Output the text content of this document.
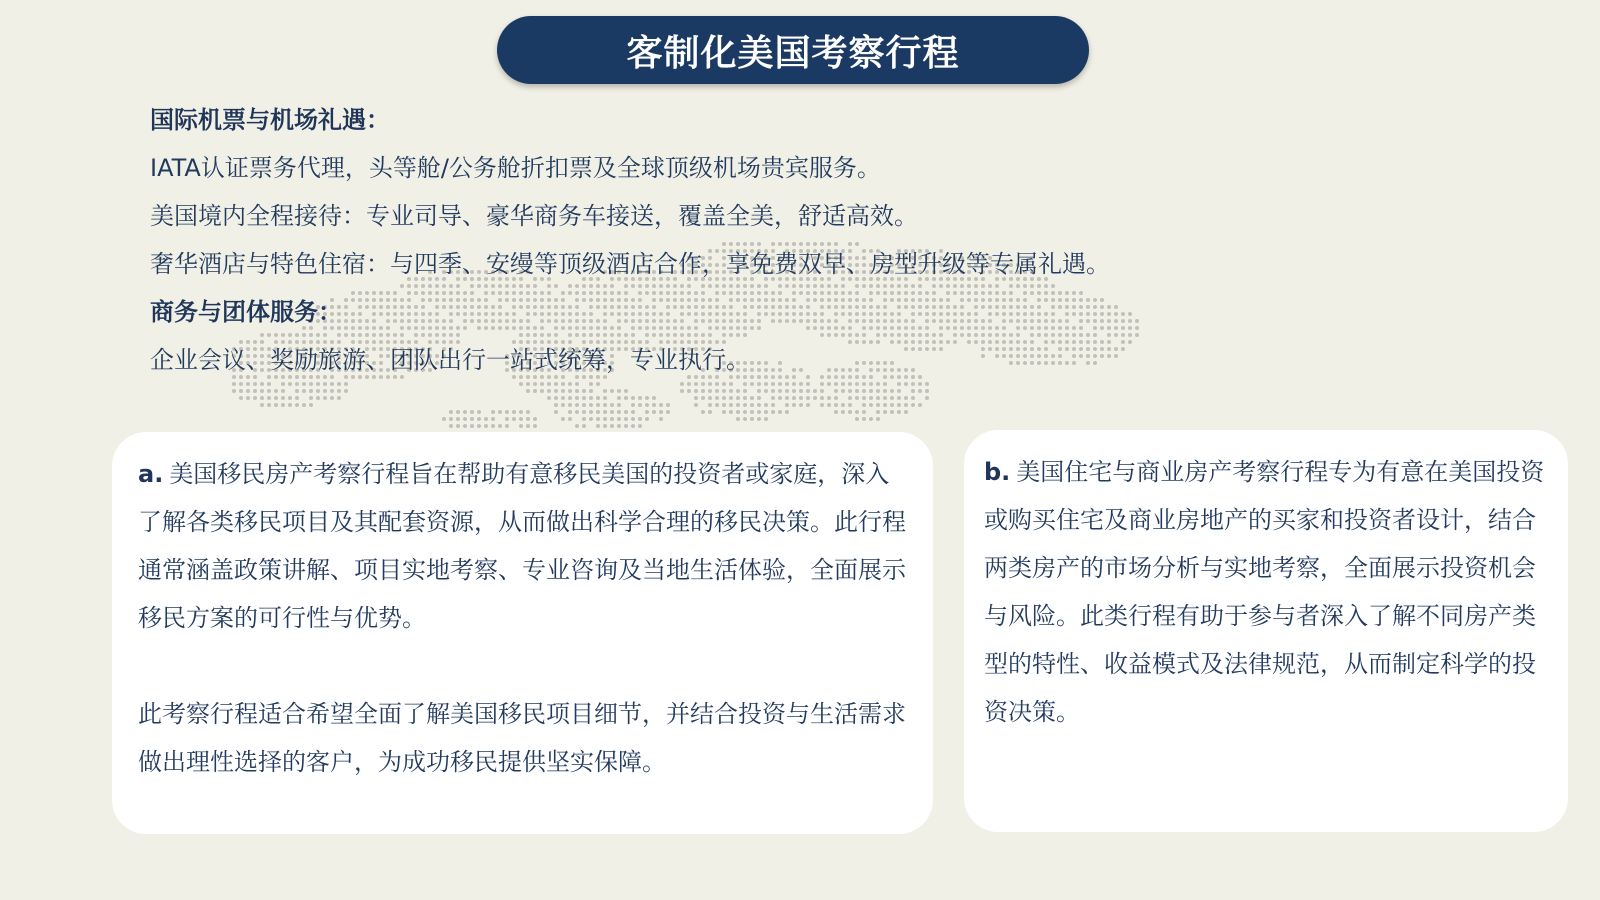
客制化美国考察行程
国际机票与机场礼遇：
IATA认证票务代理，头等舱/公务舱折扣票及全球顶级机场贵宾服务。
美国境内全程接待：专业司导、豪华商务车接送，覆盖全美，舒适高效。
奢华酒店与特色住宿：与四季、安缦等顶级酒店合作，享免费双早、房型升级等专属礼遇。
商务与团体服务：
企业会议、奖励旅游、团队出行一站式统筹，专业执行。

a. 美国移民房产考察行程旨在帮助有意移民美国的投资者或家庭，深入了解各类移民项目及其配套资源，从而做出科学合理的移民决策。此行程通常涵盖政策讲解、项目实地考察、专业咨询及当地生活体验，全面展示移民方案的可行性与优势。

此考察行程适合希望全面了解美国移民项目细节，并结合投资与生活需求做出理性选择的客户，为成功移民提供坚实保障。

b. 美国住宅与商业房产考察行程专为有意在美国投资或购买住宅及商业房地产的买家和投资者设计，结合两类房产的市场分析与实地考察，全面展示投资机会与风险。此类行程有助于参与者深入了解不同房产类型的特性、收益模式及法律规范，从而制定科学的投资决策。
